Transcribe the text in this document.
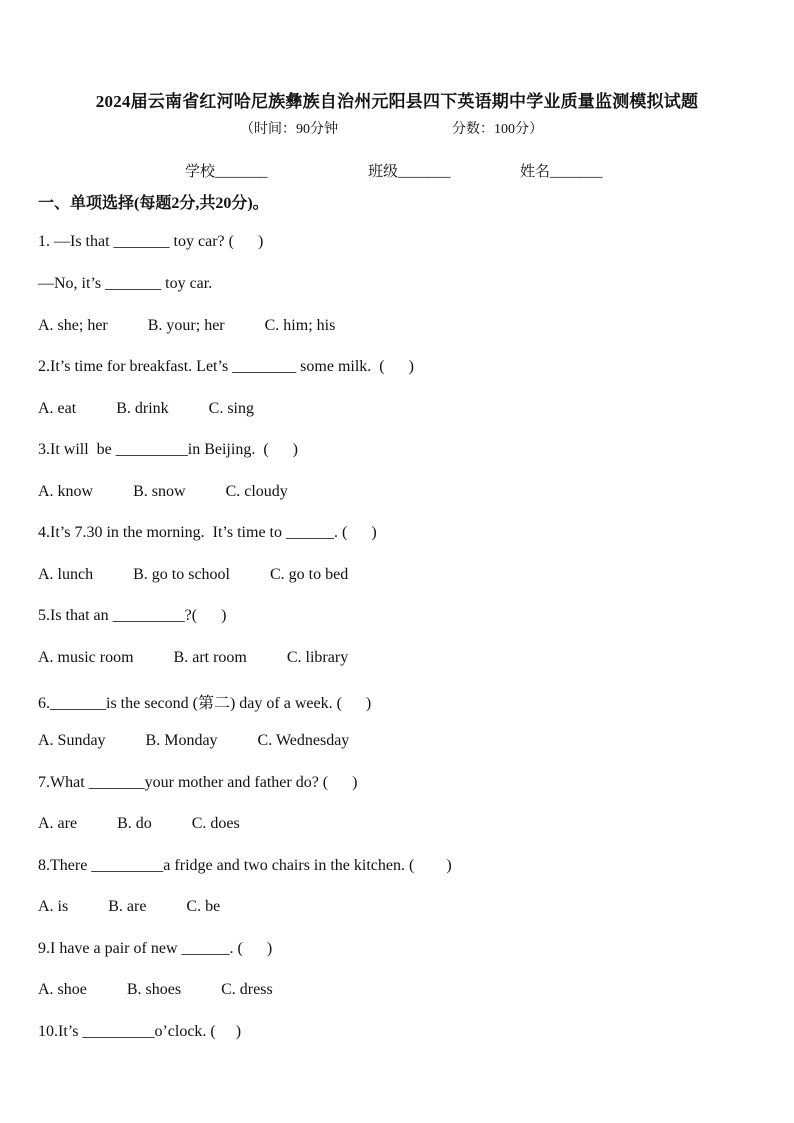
2024届云南省红河哈尼族彝族自治州元阳县四下英语期中学业质量监测模拟试题
（时间：90分钟	分数：100分）
学校_______	班级_______	姓名_______
一、单项选择(每题2分,共20分)。
1. —Is that _______ toy car? (      )
—No, it’s _______ toy car.
A. she; her          B. your; her          C. him; his
2.It’s time for breakfast. Let’s ________ some milk.  (      )
A. eat          B. drink          C. sing
3.It will  be _________in Beijing.  (      )
A. know          B. snow          C. cloudy
4.It’s 7.30 in the morning.  It’s time to ______. (      )
A. lunch          B. go to school          C. go to bed
5.Is that an _________?(      )
A. music room          B. art room          C. library
6._______is the second (第二) day of a week. (      )
A. Sunday          B. Monday          C. Wednesday
7.What _______your mother and father do? (      )
A. are          B. do          C. does
8.There _________a fridge and two chairs in the kitchen. (        )
A. is          B. are          C. be
9.I have a pair of new ______. (      )
A. shoe          B. shoes          C. dress
10.It’s _________o’clock. (     )
